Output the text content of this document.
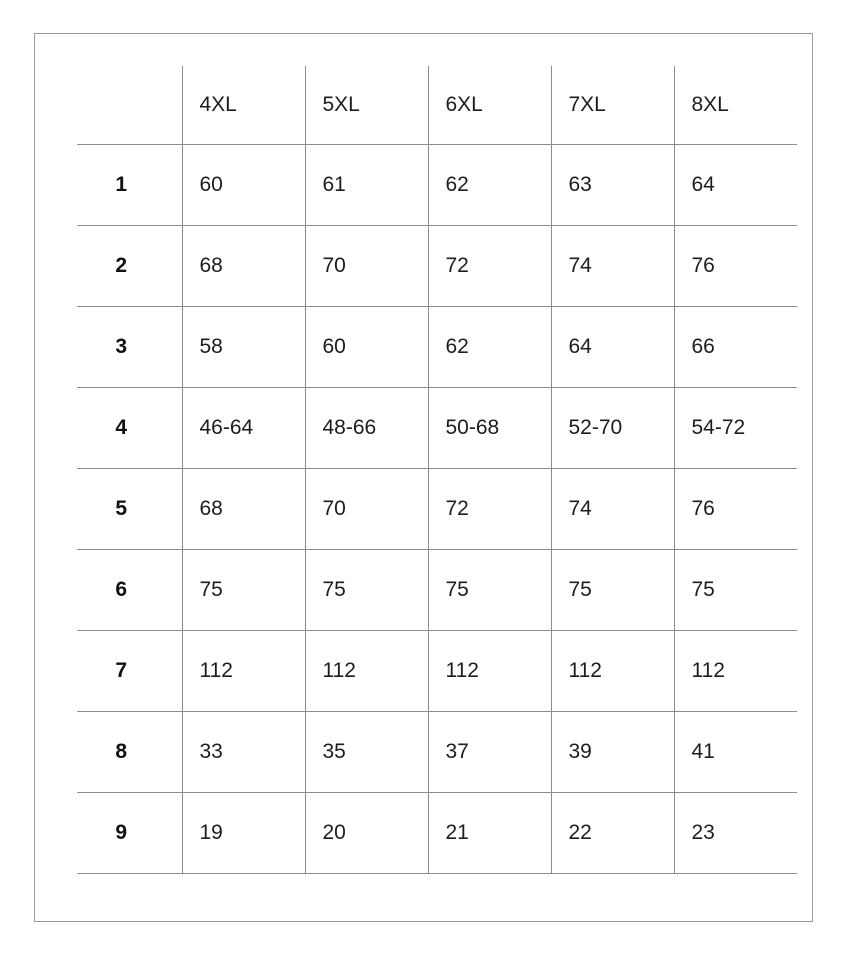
	4XL	5XL	6XL	7XL	8XL
1	60	61	62	63	64
2	68	70	72	74	76
3	58	60	62	64	66
4	46-64	48-66	50-68	52-70	54-72
5	68	70	72	74	76
6	75	75	75	75	75
7	112	112	112	112	112
8	33	35	37	39	41
9	19	20	21	22	23
